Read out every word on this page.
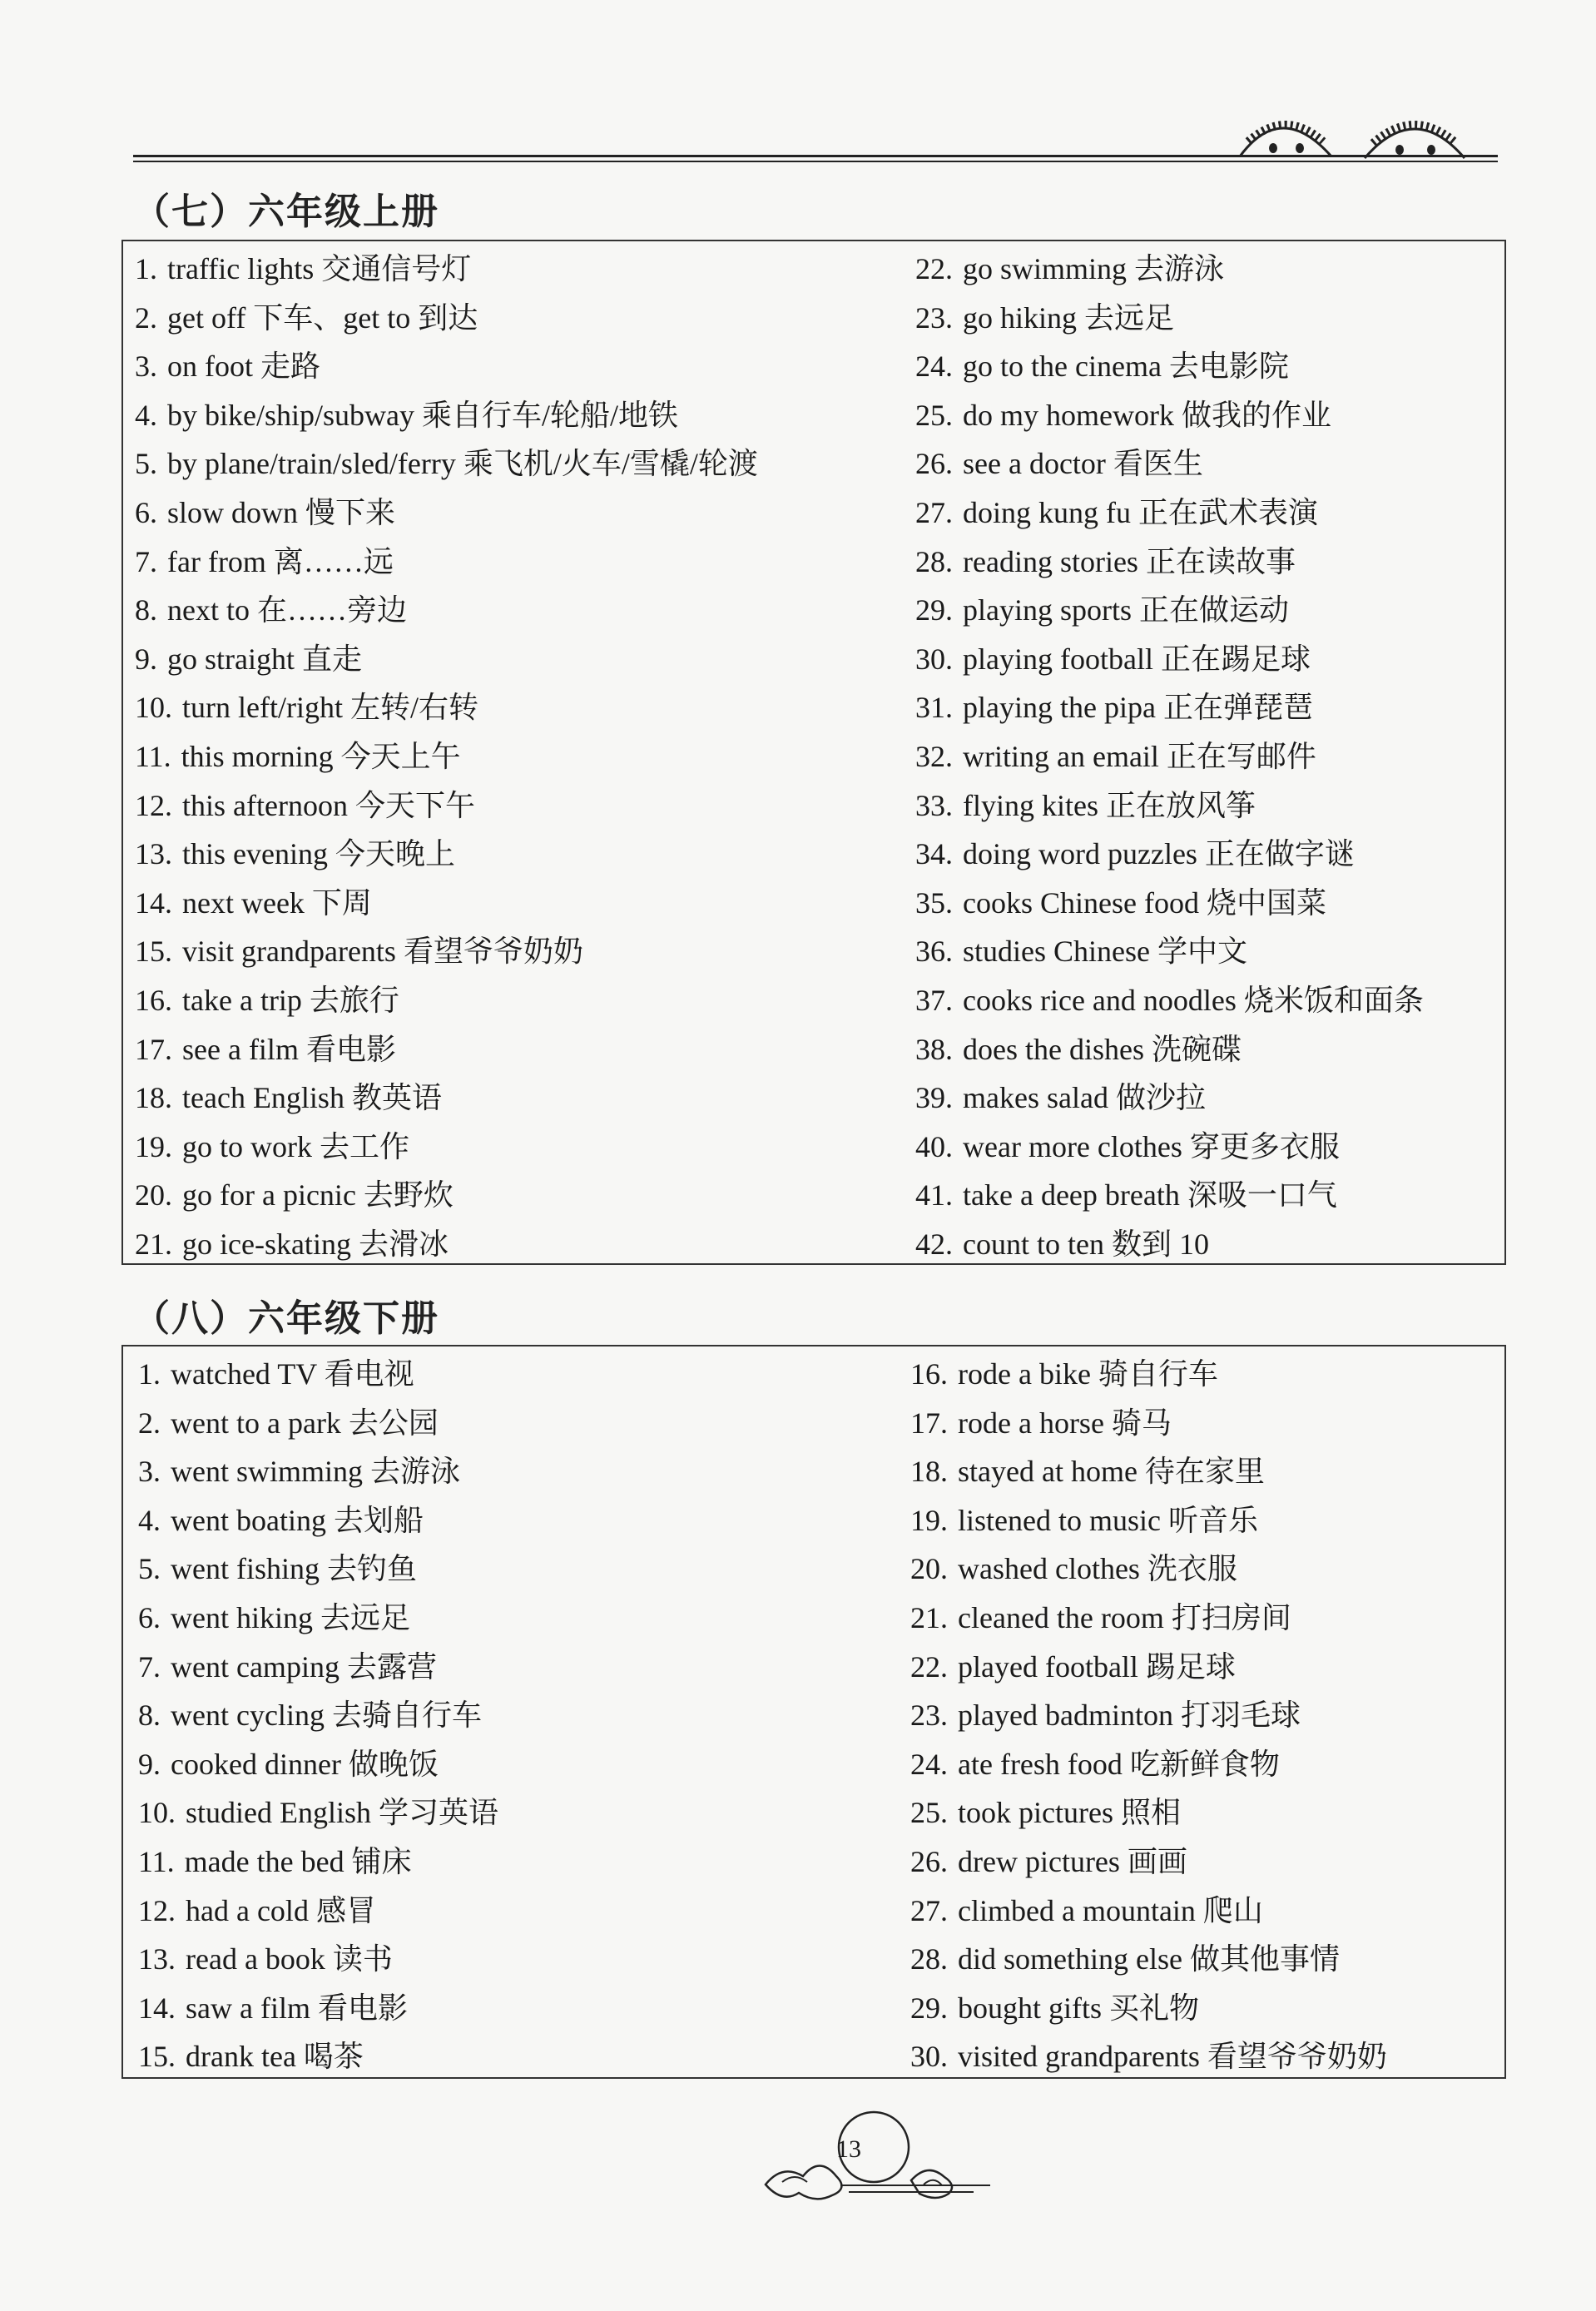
（七）六年级上册
1. traffic lights 交通信号灯
2. get off 下车、get to 到达
3. on foot 走路
4. by bike/ship/subway 乘自行车/轮船/地铁
5. by plane/train/sled/ferry 乘飞机/火车/雪橇/轮渡
6. slow down 慢下来
7. far from 离……远
8. next to 在……旁边
9. go straight 直走
10. turn left/right 左转/右转
11. this morning 今天上午
12. this afternoon 今天下午
13. this evening 今天晚上
14. next week 下周
15. visit grandparents 看望爷爷奶奶
16. take a trip 去旅行
17. see a film 看电影
18. teach English 教英语
19. go to work 去工作
20. go for a picnic 去野炊
21. go ice-skating 去滑冰
22. go swimming 去游泳
23. go hiking 去远足
24. go to the cinema 去电影院
25. do my homework 做我的作业
26. see a doctor 看医生
27. doing kung fu 正在武术表演
28. reading stories 正在读故事
29. playing sports 正在做运动
30. playing football 正在踢足球
31. playing the pipa 正在弹琵琶
32. writing an email 正在写邮件
33. flying kites 正在放风筝
34. doing word puzzles 正在做字谜
35. cooks Chinese food 烧中国菜
36. studies Chinese 学中文
37. cooks rice and noodles 烧米饭和面条
38. does the dishes 洗碗碟
39. makes salad 做沙拉
40. wear more clothes 穿更多衣服
41. take a deep breath 深吸一口气
42. count to ten 数到 10
（八）六年级下册
1. watched TV 看电视
2. went to a park 去公园
3. went swimming 去游泳
4. went boating 去划船
5. went fishing 去钓鱼
6. went hiking 去远足
7. went camping 去露营
8. went cycling 去骑自行车
9. cooked dinner 做晚饭
10. studied English 学习英语
11. made the bed 铺床
12. had a cold 感冒
13. read a book 读书
14. saw a film 看电影
15. drank tea 喝茶
16. rode a bike 骑自行车
17. rode a horse 骑马
18. stayed at home 待在家里
19. listened to music 听音乐
20. washed clothes 洗衣服
21. cleaned the room 打扫房间
22. played football 踢足球
23. played badminton 打羽毛球
24. ate fresh food 吃新鲜食物
25. took pictures 照相
26. drew pictures 画画
27. climbed a mountain 爬山
28. did something else 做其他事情
29. bought gifts 买礼物
30. visited grandparents 看望爷爷奶奶
13
